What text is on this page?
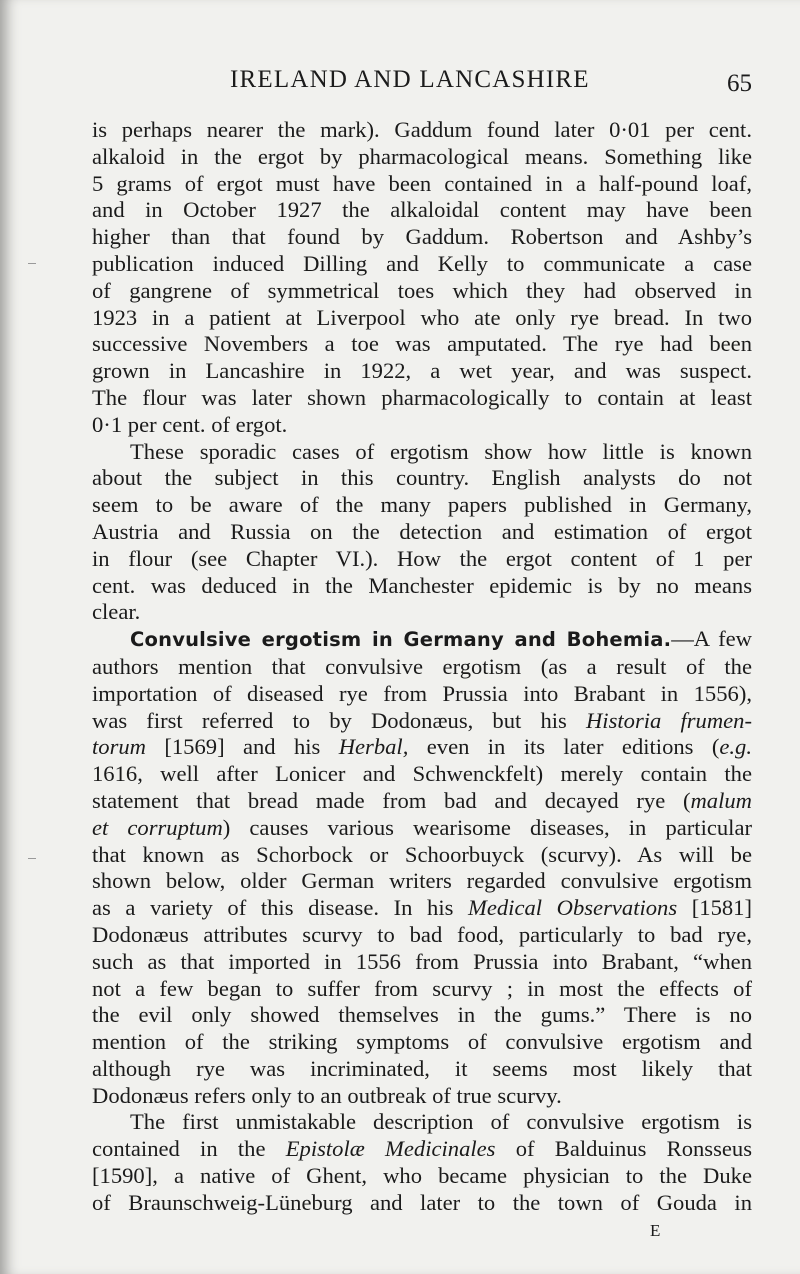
IRELAND AND LANCASHIRE	65

is perhaps nearer the mark). Gaddum found later 0·01 per cent.
alkaloid in the ergot by pharmacological means. Something like
5 grams of ergot must have been contained in a half-pound loaf,
and in October 1927 the alkaloidal content may have been
higher than that found by Gaddum. Robertson and Ashby’s
publication induced Dilling and Kelly to communicate a case
of gangrene of symmetrical toes which they had observed in
1923 in a patient at Liverpool who ate only rye bread. In two
successive Novembers a toe was amputated. The rye had been
grown in Lancashire in 1922, a wet year, and was suspect.
The flour was later shown pharmacologically to contain at least
0·1 per cent. of ergot.

These sporadic cases of ergotism show how little is known
about the subject in this country. English analysts do not
seem to be aware of the many papers published in Germany,
Austria and Russia on the detection and estimation of ergot
in flour (see Chapter VI.). How the ergot content of 1 per
cent. was deduced in the Manchester epidemic is by no means
clear.

Convulsive ergotism in Germany and Bohemia.—A few
authors mention that convulsive ergotism (as a result of the
importation of diseased rye from Prussia into Brabant in 1556),
was first referred to by Dodonæus, but his Historia frumen-
torum [1569] and his Herbal, even in its later editions (e.g.
1616, well after Lonicer and Schwenckfelt) merely contain the
statement that bread made from bad and decayed rye (malum
et corruptum) causes various wearisome diseases, in particular
that known as Schorbock or Schoorbuyck (scurvy). As will be
shown below, older German writers regarded convulsive ergotism
as a variety of this disease. In his Medical Observations [1581]
Dodonæus attributes scurvy to bad food, particularly to bad rye,
such as that imported in 1556 from Prussia into Brabant, “when
not a few began to suffer from scurvy ; in most the effects of
the evil only showed themselves in the gums.” There is no
mention of the striking symptoms of convulsive ergotism and
although rye was incriminated, it seems most likely that
Dodonæus refers only to an outbreak of true scurvy.

The first unmistakable description of convulsive ergotism is
contained in the Epistolæ Medicinales of Balduinus Ronsseus
[1590], a native of Ghent, who became physician to the Duke
of Braunschweig-Lüneburg and later to the town of Gouda in

E
